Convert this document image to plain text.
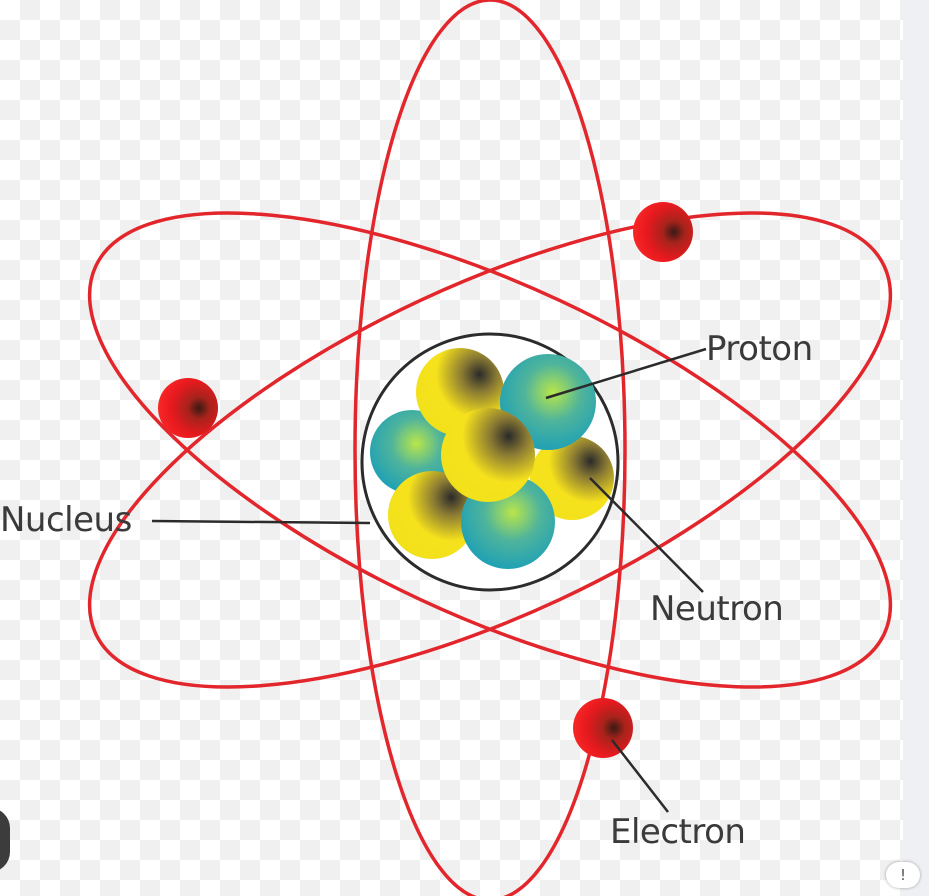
Proton
Nucleus
Neutron
Electron
!
